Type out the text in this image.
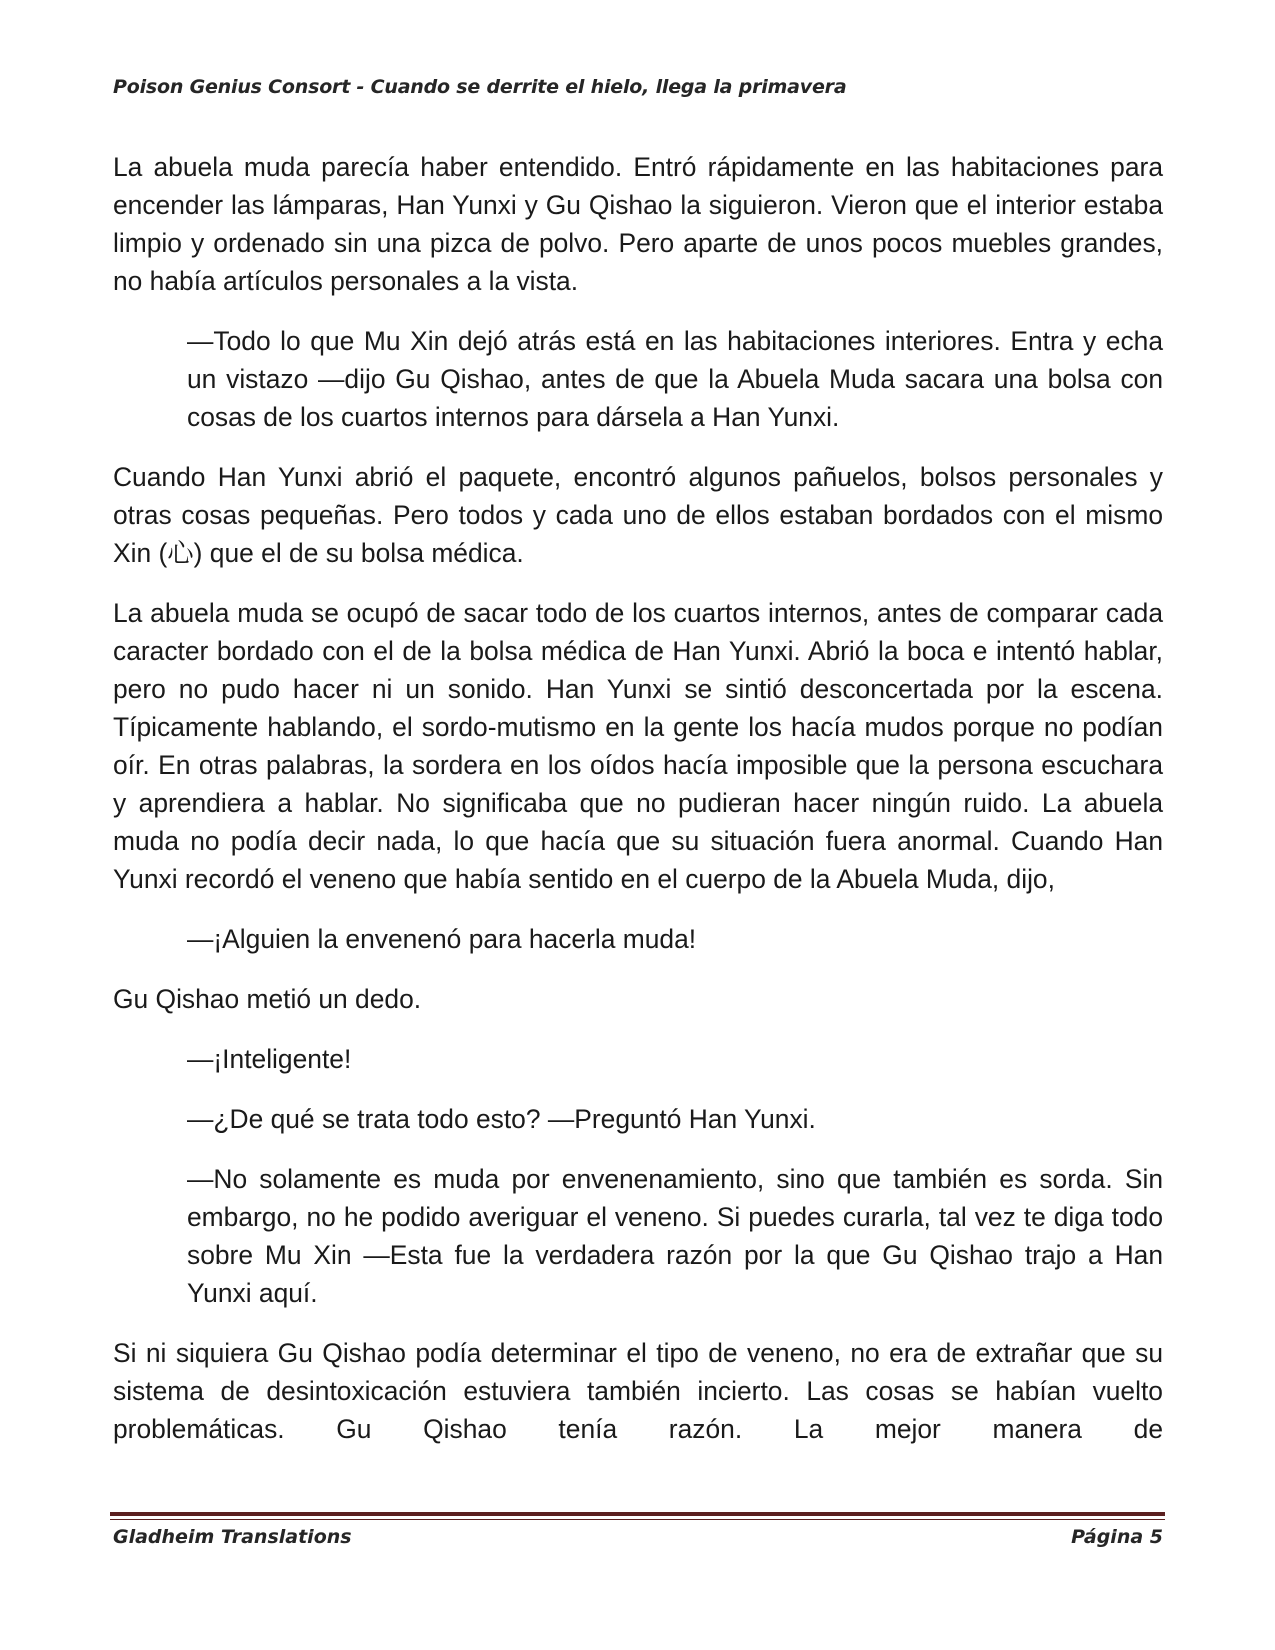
Poison Genius Consort - Cuando se derrite el hielo, llega la primavera

La abuela muda parecía haber entendido. Entró rápidamente en las habitaciones para encender las lámparas, Han Yunxi y Gu Qishao la siguieron. Vieron que el interior estaba limpio y ordenado sin una pizca de polvo. Pero aparte de unos pocos muebles grandes, no había artículos personales a la vista.

—Todo lo que Mu Xin dejó atrás está en las habitaciones interiores. Entra y echa un vistazo —dijo Gu Qishao, antes de que la Abuela Muda sacara una bolsa con cosas de los cuartos internos para dársela a Han Yunxi.

Cuando Han Yunxi abrió el paquete, encontró algunos pañuelos, bolsos personales y otras cosas pequeñas. Pero todos y cada uno de ellos estaban bordados con el mismo Xin (心) que el de su bolsa médica.

La abuela muda se ocupó de sacar todo de los cuartos internos, antes de comparar cada caracter bordado con el de la bolsa médica de Han Yunxi. Abrió la boca e intentó hablar, pero no pudo hacer ni un sonido. Han Yunxi se sintió desconcertada por la escena. Típicamente hablando, el sordo-mutismo en la gente los hacía mudos porque no podían oír. En otras palabras, la sordera en los oídos hacía imposible que la persona escuchara y aprendiera a hablar. No significaba que no pudieran hacer ningún ruido. La abuela muda no podía decir nada, lo que hacía que su situación fuera anormal. Cuando Han Yunxi recordó el veneno que había sentido en el cuerpo de la Abuela Muda, dijo,

—¡Alguien la envenenó para hacerla muda!

Gu Qishao metió un dedo.

—¡Inteligente!

—¿De qué se trata todo esto? —Preguntó Han Yunxi.

—No solamente es muda por envenenamiento, sino que también es sorda. Sin embargo, no he podido averiguar el veneno. Si puedes curarla, tal vez te diga todo sobre Mu Xin —Esta fue la verdadera razón por la que Gu Qishao trajo a Han Yunxi aquí.

Si ni siquiera Gu Qishao podía determinar el tipo de veneno, no era de extrañar que su sistema de desintoxicación estuviera también incierto. Las cosas se habían vuelto problemáticas. Gu Qishao tenía razón. La mejor manera de

Gladheim Translations	Página 5
